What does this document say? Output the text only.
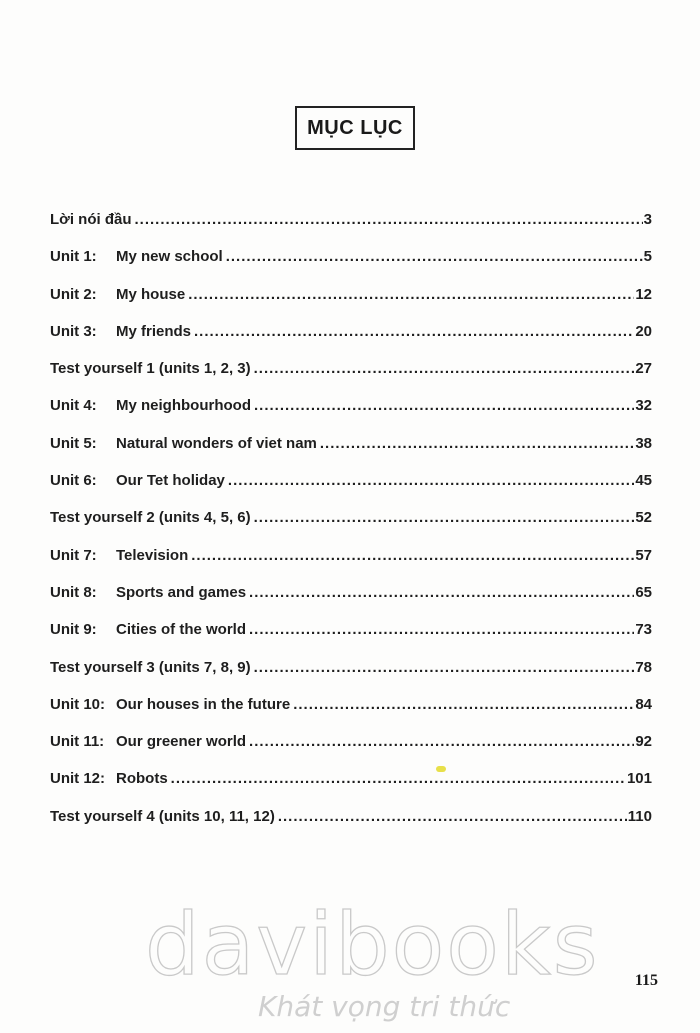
MỤC LỤC
Lời nói đầu .....	3
Unit 1: My new school .....	5
Unit 2: My house .....	12
Unit 3: My friends .....	20
Test yourself 1 (units 1, 2, 3) .....	27
Unit 4: My neighbourhood .....	32
Unit 5: Natural wonders of viet nam .....	38
Unit 6: Our Tet holiday .....	45
Test yourself 2 (units 4, 5, 6) .....	52
Unit 7: Television .....	57
Unit 8: Sports and games .....	65
Unit 9: Cities of the world .....	73
Test yourself 3 (units 7, 8, 9) .....	78
Unit 10: Our houses in the future .....	84
Unit 11: Our greener world .....	92
Unit 12: Robots .....	101
Test yourself 4 (units 10, 11, 12) .....	110
davibooks
Khát vọng tri thức
115
